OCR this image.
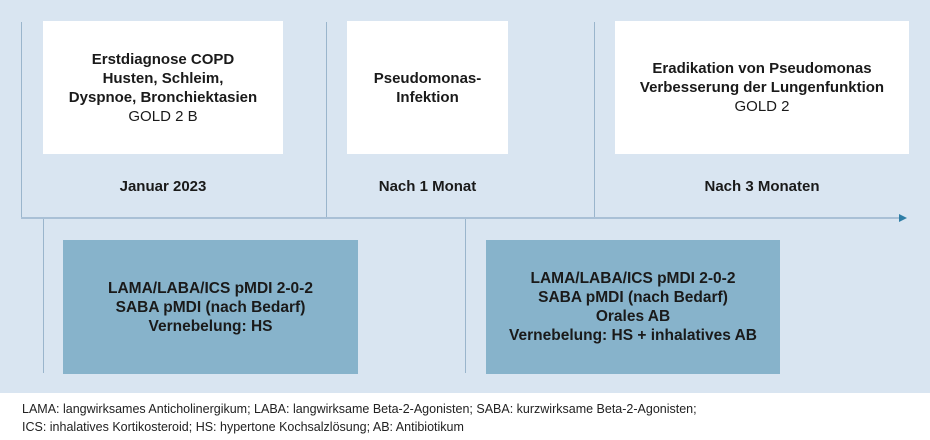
Erstdiagnose COPD
Husten, Schleim,
Dyspnoe, Bronchiektasien
GOLD 2 B
Januar 2023
Pseudomonas-
Infektion
Nach 1 Monat
Eradikation von Pseudomonas
Verbesserung der Lungenfunktion
GOLD 2
Nach 3 Monaten
LAMA/LABA/ICS pMDI 2-0-2
SABA pMDI (nach Bedarf)
Vernebelung: HS
LAMA/LABA/ICS pMDI 2-0-2
SABA pMDI (nach Bedarf)
Orales AB
Vernebelung: HS + inhalatives AB
LAMA: langwirksames Anticholinergikum; LABA: langwirksame Beta-2-Agonisten; SABA: kurzwirksame Beta-2-Agonisten;
ICS: inhalatives Kortikosteroid; HS: hypertone Kochsalzlösung; AB: Antibiotikum
